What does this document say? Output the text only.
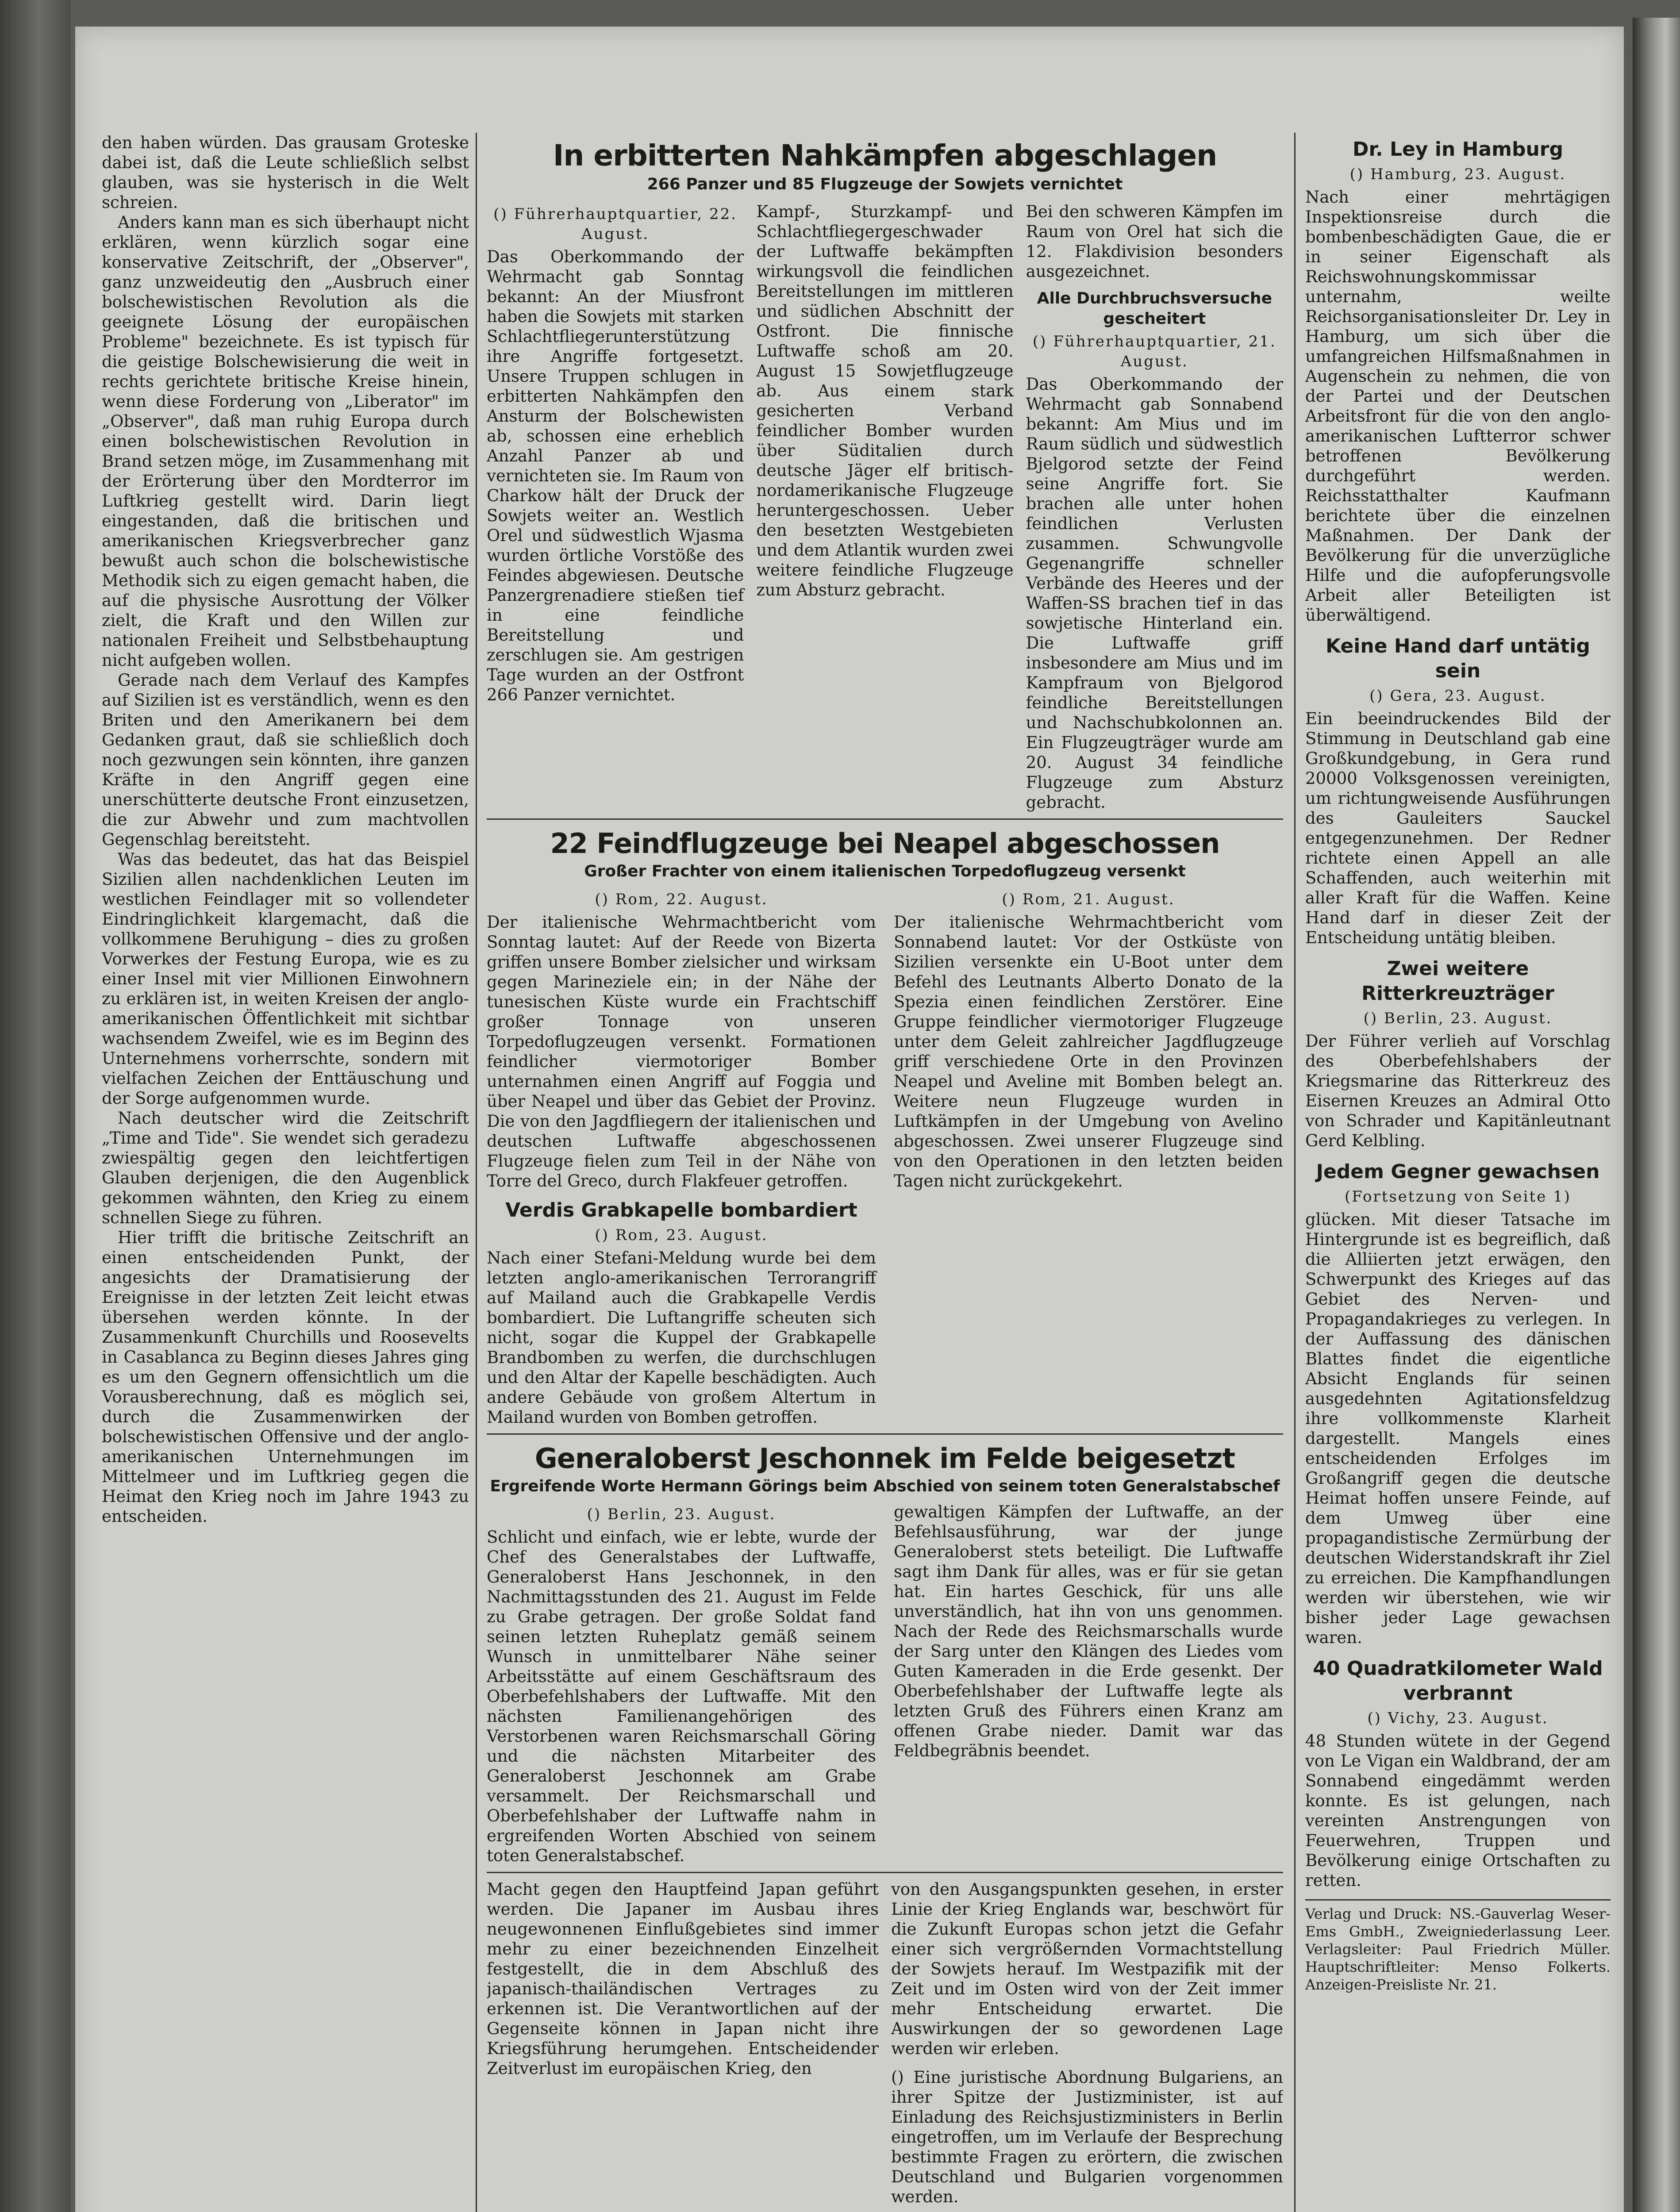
den haben würden. Das grausam Groteske dabei ist, daß die Leute schließlich selbst glauben, was sie hysterisch in die Welt schreien.

Anders kann man es sich überhaupt nicht erklären, wenn kürzlich sogar eine konservative Zeitschrift, der „Observer", ganz unzweideutig den „Ausbruch einer bolschewistischen Revolution als die geeignete Lösung der europäischen Probleme" bezeichnete. Es ist typisch für die geistige Bolschewisierung die weit in rechts gerichtete britische Kreise hinein, wenn diese Forderung von „Liberator" im „Observer", daß man ruhig Europa durch einen bolschewistischen Revolution in Brand setzen möge, im Zusammenhang mit der Erörterung über den Mordterror im Luftkrieg gestellt wird. Darin liegt eingestanden, daß die britischen und amerikanischen Kriegsverbrecher ganz bewußt auch schon die bolschewistische Methodik sich zu eigen gemacht haben, die auf die physische Ausrottung der Völker zielt, die Kraft und den Willen zur nationalen Freiheit und Selbstbehauptung nicht aufgeben wollen.

Gerade nach dem Verlauf des Kampfes auf Sizilien ist es verständlich, wenn es den Briten und den Amerikanern bei dem Gedanken graut, daß sie schließlich doch noch gezwungen sein könnten, ihre ganzen Kräfte in den Angriff gegen eine unerschütterte deutsche Front einzusetzen, die zur Abwehr und zum machtvollen Gegenschlag bereitsteht.

Was das bedeutet, das hat das Beispiel Sizilien allen nachdenklichen Leuten im westlichen Feindlager mit so vollendeter Eindringlichkeit klargemacht, daß die vollkommene Beruhigung – dies zu großen Vorwerkes der Festung Europa, wie es zu einer Insel mit vier Millionen Einwohnern zu erklären ist, in weiten Kreisen der anglo-amerikanischen Öffentlichkeit mit sichtbar wachsendem Zweifel, wie es im Beginn des Unternehmens vorherrschte, sondern mit vielfachen Zeichen der Enttäuschung und der Sorge aufgenommen wurde.

Nach deutscher wird die Zeitschrift „Time and Tide". Sie wendet sich geradezu zwiespältig gegen den leichtfertigen Glauben derjenigen, die den Augenblick gekommen wähnten, den Krieg zu einem schnellen Siege zu führen.

Hier trifft die britische Zeitschrift an einen entscheidenden Punkt, der angesichts der Dramatisierung der Ereignisse in der letzten Zeit leicht etwas übersehen werden könnte. In der Zusammenkunft Churchills und Roosevelts in Casablanca zu Beginn dieses Jahres ging es um den Gegnern offensichtlich um die Vorausberechnung, daß es möglich sei, durch die Zusammenwirken der bolschewistischen Offensive und der anglo-amerikanischen Unternehmungen im Mittelmeer und im Luftkrieg gegen die Heimat den Krieg noch im Jahre 1943 zu entscheiden.

In erbitterten Nahkämpfen abgeschlagen
266 Panzer und 85 Flugzeuge der Sowjets vernichtet
() Führerhauptquartier, 22. August.

Das Oberkommando der Wehrmacht gab Sonntag bekannt: An der Miusfront haben die Sowjets mit starken Schlachtfliegerunterstützung ihre Angriffe fortgesetzt. Unsere Truppen schlugen in erbitterten Nahkämpfen den Ansturm der Bolschewisten ab, schossen eine erheblich Anzahl Panzer ab und vernichteten sie. Im Raum von Charkow hält der Druck der Sowjets weiter an. Westlich Orel und südwestlich Wjasma wurden örtliche Vorstöße des Feindes abgewiesen. Deutsche Panzergrenadiere stießen tief in eine feindliche Bereitstellung und zerschlugen sie. Am gestrigen Tage wurden an der Ostfront 266 Panzer vernichtet.

Kampf-, Sturzkampf- und Schlachtfliegergeschwader der Luftwaffe bekämpften wirkungsvoll die feindlichen Bereitstellungen im mittleren und südlichen Abschnitt der Ostfront. Die finnische Luftwaffe schoß am 20. August 15 Sowjetflugzeuge ab. Aus einem stark gesicherten Verband feindlicher Bomber wurden über Süditalien durch deutsche Jäger elf britisch-nordamerikanische Flugzeuge heruntergeschossen. Ueber den besetzten Westgebieten und dem Atlantik wurden zwei weitere feindliche Flugzeuge zum Absturz gebracht.

Bei den schweren Kämpfen im Raum von Orel hat sich die 12. Flakdivision besonders ausgezeichnet.

Alle Durchbruchsversuche gescheitert
() Führerhauptquartier, 21. August.

Das Oberkommando der Wehrmacht gab Sonnabend bekannt: Am Mius und im Raum südlich und südwestlich Bjelgorod setzte der Feind seine Angriffe fort. Sie brachen alle unter hohen feindlichen Verlusten zusammen. Schwungvolle Gegenangriffe schneller Verbände des Heeres und der Waffen-SS brachen tief in das sowjetische Hinterland ein. Die Luftwaffe griff insbesondere am Mius und im Kampfraum von Bjelgorod feindliche Bereitstellungen und Nachschubkolonnen an. Ein Flugzeugträger wurde am 20. August 34 feindliche Flugzeuge zum Absturz gebracht.

22 Feindflugzeuge bei Neapel abgeschossen
Großer Frachter von einem italienischen Torpedoflugzeug versenkt
() Rom, 22. August.

Der italienische Wehrmachtbericht vom Sonntag lautet: Auf der Reede von Bizerta griffen unsere Bomber zielsicher und wirksam gegen Marineziele ein; in der Nähe der tunesischen Küste wurde ein Frachtschiff großer Tonnage von unseren Torpedoflugzeugen versenkt. Formationen feindlicher viermotoriger Bomber unternahmen einen Angriff auf Foggia und über Neapel und über das Gebiet der Provinz. Die von den Jagdfliegern der italienischen und deutschen Luftwaffe abgeschossenen Flugzeuge fielen zum Teil in der Nähe von Torre del Greco, durch Flakfeuer getroffen.

Verdis Grabkapelle bombardiert
() Rom, 23. August.

Nach einer Stefani-Meldung wurde bei dem letzten anglo-amerikanischen Terrorangriff auf Mailand auch die Grabkapelle Verdis bombardiert. Die Luftangriffe scheuten sich nicht, sogar die Kuppel der Grabkapelle Brandbomben zu werfen, die durchschlugen und den Altar der Kapelle beschädigten. Auch andere Gebäude von großem Altertum in Mailand wurden von Bomben getroffen.

() Rom, 21. August.

Der italienische Wehrmachtbericht vom Sonnabend lautet: Vor der Ostküste von Sizilien versenkte ein U-Boot unter dem Befehl des Leutnants Alberto Donato de la Spezia einen feindlichen Zerstörer. Eine Gruppe feindlicher viermotoriger Flugzeuge unter dem Geleit zahlreicher Jagdflugzeuge griff verschiedene Orte in den Provinzen Neapel und Aveline mit Bomben belegt an. Weitere neun Flugzeuge wurden in Luftkämpfen in der Umgebung von Avelino abgeschossen. Zwei unserer Flugzeuge sind von den Operationen in den letzten beiden Tagen nicht zurückgekehrt.

Generaloberst Jeschonnek im Felde beigesetzt
Ergreifende Worte Hermann Görings beim Abschied von seinem toten Generalstabschef
() Berlin, 23. August.

Schlicht und einfach, wie er lebte, wurde der Chef des Generalstabes der Luftwaffe, Generaloberst Hans Jeschonnek, in den Nachmittagsstunden des 21. August im Felde zu Grabe getragen. Der große Soldat fand seinen letzten Ruheplatz gemäß seinem Wunsch in unmittelbarer Nähe seiner Arbeitsstätte auf einem Geschäftsraum des Oberbefehlshabers der Luftwaffe. Mit den nächsten Familienangehörigen des Verstorbenen waren Reichsmarschall Göring und die nächsten Mitarbeiter des Generaloberst Jeschonnek am Grabe versammelt. Der Reichsmarschall und Oberbefehlshaber der Luftwaffe nahm in ergreifenden Worten Abschied von seinem toten Generalstabschef.

gewaltigen Kämpfen der Luftwaffe, an der Befehlsausführung, war der junge Generaloberst stets beteiligt. Die Luftwaffe sagt ihm Dank für alles, was er für sie getan hat. Ein hartes Geschick, für uns alle unverständlich, hat ihn von uns genommen. Nach der Rede des Reichsmarschalls wurde der Sarg unter den Klängen des Liedes vom Guten Kameraden in die Erde gesenkt. Der Oberbefehlshaber der Luftwaffe legte als letzten Gruß des Führers einen Kranz am offenen Grabe nieder. Damit war das Feldbegräbnis beendet.

Macht gegen den Hauptfeind Japan geführt werden. Die Japaner im Ausbau ihres neugewonnenen Einflußgebietes sind immer mehr zu einer bezeichnenden Einzelheit festgestellt, die in dem Abschluß des japanisch-thailändischen Vertrages zu erkennen ist. Die Verantwortlichen auf der Gegenseite können in Japan nicht ihre Kriegsführung herumgehen. Entscheidender Zeitverlust im europäischen Krieg, den

von den Ausgangspunkten gesehen, in erster Linie der Krieg Englands war, beschwört für die Zukunft Europas schon jetzt die Gefahr einer sich vergrößernden Vormachtstellung der Sowjets herauf. Im Westpazifik mit der Zeit und im Osten wird von der Zeit immer mehr Entscheidung erwartet. Die Auswirkungen der so gewordenen Lage werden wir erleben.

() Eine juristische Abordnung Bulgariens, an ihrer Spitze der Justizminister, ist auf Einladung des Reichsjustizministers in Berlin eingetroffen, um im Verlaufe der Besprechung bestimmte Fragen zu erörtern, die zwischen Deutschland und Bulgarien vorgenommen werden.

Dr. Ley in Hamburg
() Hamburg, 23. August.

Nach einer mehrtägigen Inspektionsreise durch die bombenbeschädigten Gaue, die er in seiner Eigenschaft als Reichswohnungskommissar unternahm, weilte Reichsorganisationsleiter Dr. Ley in Hamburg, um sich über die umfangreichen Hilfsmaßnahmen in Augenschein zu nehmen, die von der Partei und der Deutschen Arbeitsfront für die von den anglo-amerikanischen Luftterror schwer betroffenen Bevölkerung durchgeführt werden. Reichsstatthalter Kaufmann berichtete über die einzelnen Maßnahmen. Der Dank der Bevölkerung für die unverzügliche Hilfe und die aufopferungsvolle Arbeit aller Beteiligten ist überwältigend.

Keine Hand darf untätig sein
() Gera, 23. August.

Ein beeindruckendes Bild der Stimmung in Deutschland gab eine Großkundgebung, in Gera rund 20000 Volksgenossen vereinigten, um richtungweisende Ausführungen des Gauleiters Sauckel entgegenzunehmen. Der Redner richtete einen Appell an alle Schaffenden, auch weiterhin mit aller Kraft für die Waffen. Keine Hand darf in dieser Zeit der Entscheidung untätig bleiben.

Zwei weitere Ritterkreuzträger
() Berlin, 23. August.

Der Führer verlieh auf Vorschlag des Oberbefehlshabers der Kriegsmarine das Ritterkreuz des Eisernen Kreuzes an Admiral Otto von Schrader und Kapitänleutnant Gerd Kelbling.

Jedem Gegner gewachsen
(Fortsetzung von Seite 1)

glücken. Mit dieser Tatsache im Hintergrunde ist es begreiflich, daß die Alliierten jetzt erwägen, den Schwerpunkt des Krieges auf das Gebiet des Nerven- und Propagandakrieges zu verlegen. In der Auffassung des dänischen Blattes findet die eigentliche Absicht Englands für seinen ausgedehnten Agitationsfeldzug ihre vollkommenste Klarheit dargestellt. Mangels eines entscheidenden Erfolges im Großangriff gegen die deutsche Heimat hoffen unsere Feinde, auf dem Umweg über eine propagandistische Zermürbung der deutschen Widerstandskraft ihr Ziel zu erreichen. Die Kampfhandlungen werden wir überstehen, wie wir bisher jeder Lage gewachsen waren.

40 Quadratkilometer Wald verbrannt
() Vichy, 23. August.

48 Stunden wütete in der Gegend von Le Vigan ein Waldbrand, der am Sonnabend eingedämmt werden konnte. Es ist gelungen, nach vereinten Anstrengungen von Feuerwehren, Truppen und Bevölkerung einige Ortschaften zu retten.

Verlag und Druck: NS.-Gauverlag Weser-Ems GmbH., Zweigniederlassung Leer. Verlagsleiter: Paul Friedrich Müller. Hauptschriftleiter: Menso Folkerts. Anzeigen-Preisliste Nr. 21.
